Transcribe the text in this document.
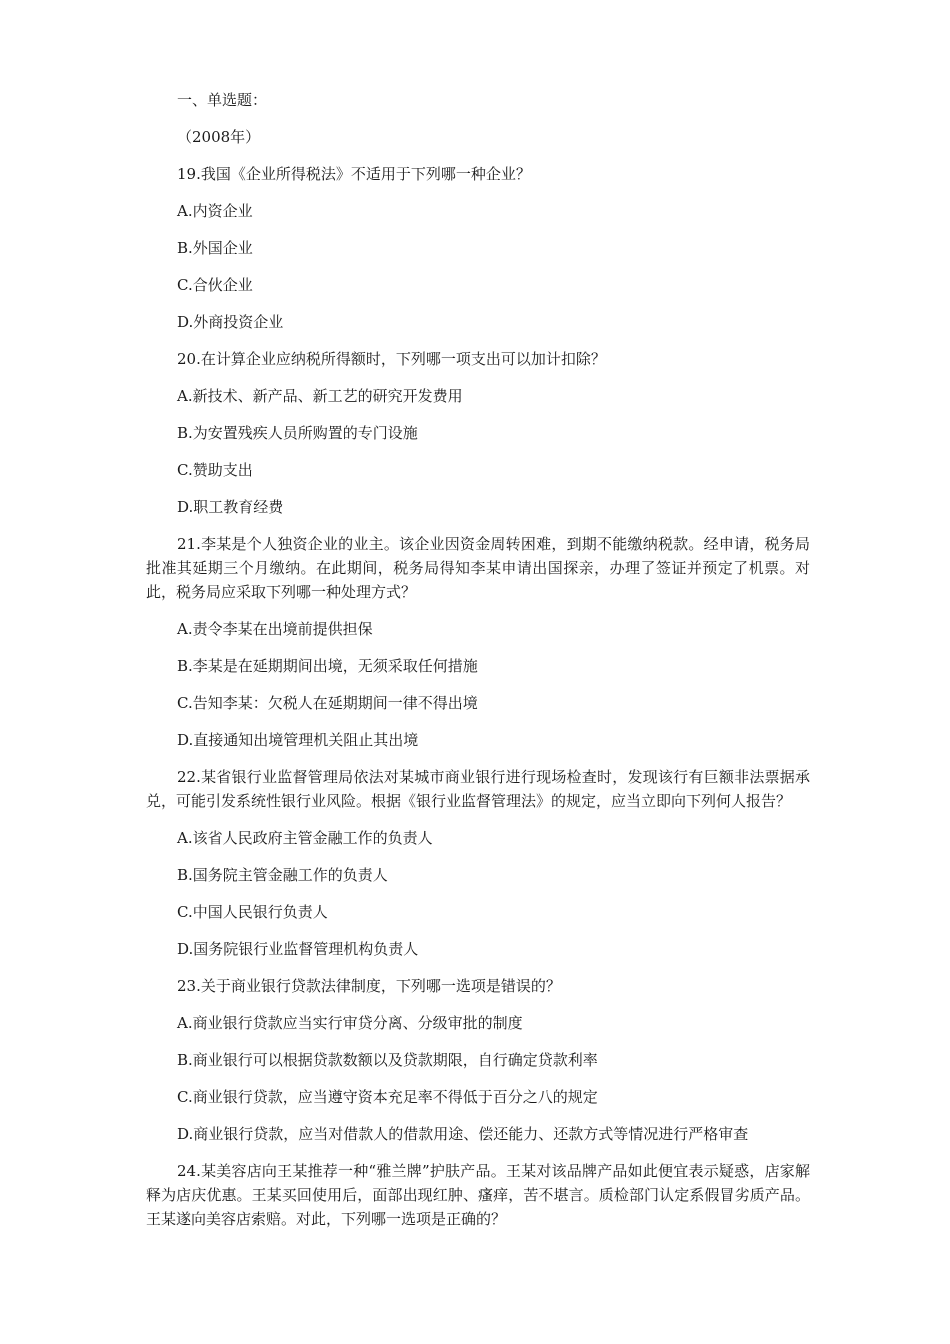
一、单选题：

（2008年）

19.我国《企业所得税法》不适用于下列哪一种企业？

A.内资企业

B.外国企业

C.合伙企业

D.外商投资企业

20.在计算企业应纳税所得额时，下列哪一项支出可以加计扣除？

A.新技术、新产品、新工艺的研究开发费用

B.为安置残疾人员所购置的专门设施

C.赞助支出

D.职工教育经费

21.李某是个人独资企业的业主。该企业因资金周转困难，到期不能缴纳税款。经申请，税务局批准其延期三个月缴纳。在此期间，税务局得知李某申请出国探亲，办理了签证并预定了机票。对此，税务局应采取下列哪一种处理方式？

A.责令李某在出境前提供担保

B.李某是在延期期间出境，无须采取任何措施

C.告知李某：欠税人在延期期间一律不得出境

D.直接通知出境管理机关阻止其出境

22.某省银行业监督管理局依法对某城市商业银行进行现场检查时，发现该行有巨额非法票据承兑，可能引发系统性银行业风险。根据《银行业监督管理法》的规定，应当立即向下列何人报告？

A.该省人民政府主管金融工作的负责人

B.国务院主管金融工作的负责人

C.中国人民银行负责人

D.国务院银行业监督管理机构负责人

23.关于商业银行贷款法律制度，下列哪一选项是错误的？

A.商业银行贷款应当实行审贷分离、分级审批的制度

B.商业银行可以根据贷款数额以及贷款期限，自行确定贷款利率

C.商业银行贷款，应当遵守资本充足率不得低于百分之八的规定

D.商业银行贷款，应当对借款人的借款用途、偿还能力、还款方式等情况进行严格审查

24.某美容店向王某推荐一种“雅兰牌”护肤产品。王某对该品牌产品如此便宜表示疑惑，店家解释为店庆优惠。王某买回使用后，面部出现红肿、瘙痒，苦不堪言。质检部门认定系假冒劣质产品。王某遂向美容店索赔。对此，下列哪一选项是正确的？
